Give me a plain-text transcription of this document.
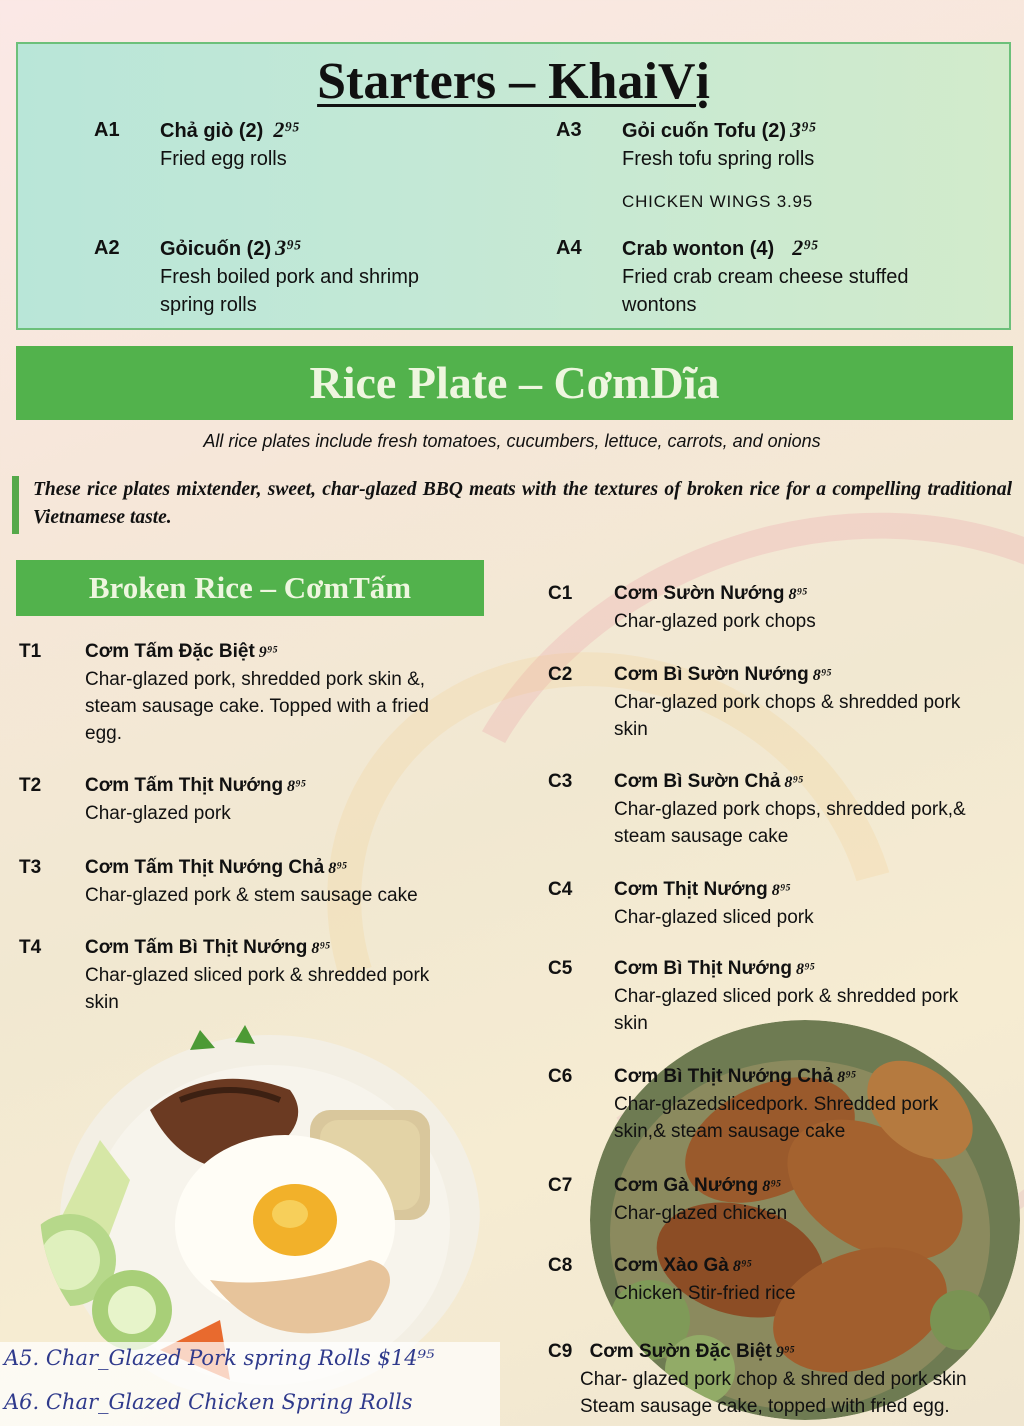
Starters – KhaiVị
A1 Chả giò (2) 2⁹⁵
Fried egg rolls
A3 Gỏi cuốn Tofu (2) 3⁹⁵
Fresh tofu spring rolls
CHICKEN WINGS 3.95
A2 Gỏicuốn (2) 3⁹⁵
Fresh boiled pork and shrimp spring rolls
A4 Crab wonton (4) 2⁹⁵
Fried crab cream cheese stuffed wontons
Rice Plate – CơmDĩa
All rice plates include fresh tomatoes, cucumbers, lettuce, carrots, and onions
These rice plates mixtender, sweet, char-glazed BBQ meats with the textures of broken rice for a compelling traditional Vietnamese taste.
Broken Rice – CơmTấm
T1 Cơm Tấm Đặc Biệt 9⁹⁵
Char-glazed pork, shredded pork skin &, steam sausage cake. Topped with a fried egg.
T2 Cơm Tấm Thịt Nướng 8⁹⁵
Char-glazed pork
T3 Cơm Tấm Thịt Nướng Chả 8⁹⁵
Char-glazed pork & stem sausage cake
T4 Cơm Tấm Bì Thịt Nướng 8⁹⁵
Char-glazed sliced pork & shredded pork skin
C1 Cơm Sườn Nướng 8⁹⁵
Char-glazed pork chops
C2 Cơm Bì Sườn Nướng 8⁹⁵
Char-glazed pork chops & shredded pork skin
C3 Cơm Bì Sườn Chả 8⁹⁵
Char-glazed pork chops, shredded pork,& steam sausage cake
C4 Cơm Thịt Nướng 8⁹⁵
Char-glazed sliced pork
C5 Cơm Bì Thịt Nướng 8⁹⁵
Char-glazed sliced pork & shredded pork skin
C6 Cơm Bì Thịt Nướng Chả 8⁹⁵
Char-glazedslicedpork. Shredded pork skin,& steam sausage cake
C7 Cơm Gà Nướng 8⁹⁵
Char-glazed chicken
C8 Cơm Xào Gà 8⁹⁵
Chicken Stir-fried rice
C9 Cơm Sườn Đặc Biệt 9⁹⁵
Char- glazed pork chop & shred ded pork skin
Steam sausage cake, topped with fried egg.
A5. Char_Glazed Pork spring Rolls $14⁹⁵
A6. Char_Glazed Chicken Spring Rolls
